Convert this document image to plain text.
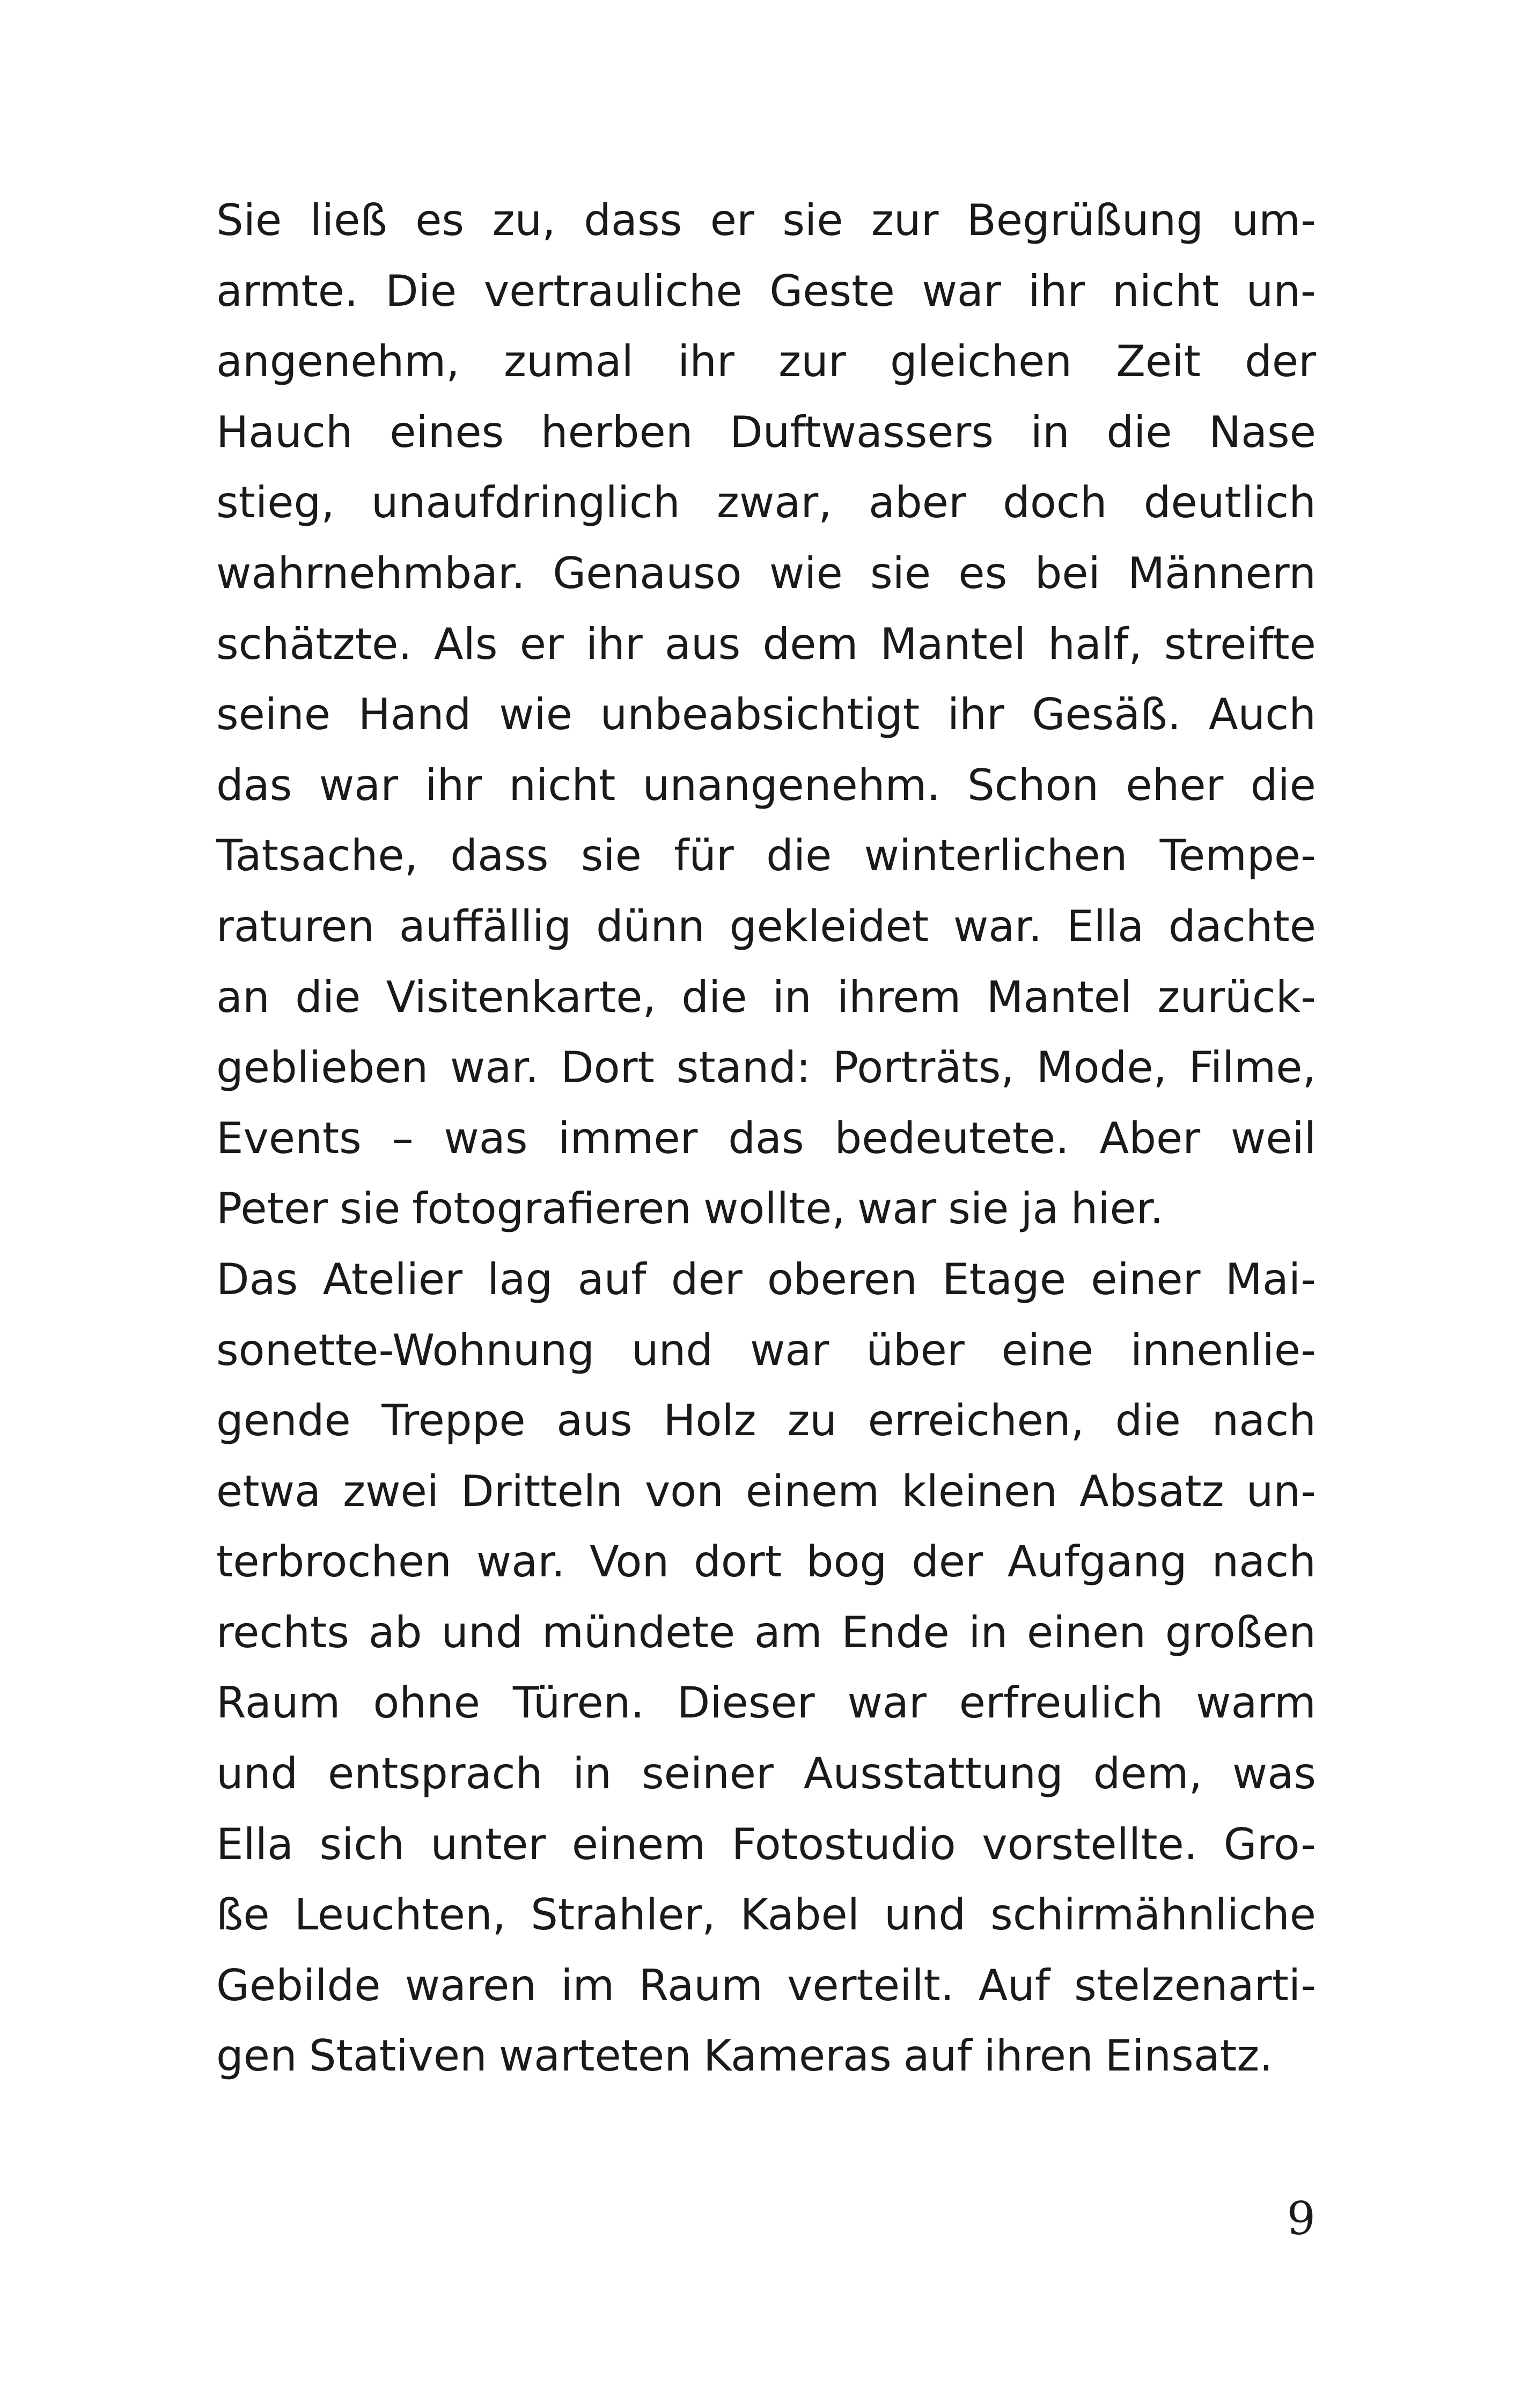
Sie ließ es zu, dass er sie zur Begrüßung um-
armte. Die vertrauliche Geste war ihr nicht un-
angenehm, zumal ihr zur gleichen Zeit der
Hauch eines herben Duftwassers in die Nase
stieg, unaufdringlich zwar, aber doch deutlich
wahrnehmbar. Genauso wie sie es bei Männern
schätzte. Als er ihr aus dem Mantel half, streifte
seine Hand wie unbeabsichtigt ihr Gesäß. Auch
das war ihr nicht unangenehm. Schon eher die
Tatsache, dass sie für die winterlichen Tempe-
raturen auffällig dünn gekleidet war. Ella dachte
an die Visitenkarte, die in ihrem Mantel zurück-
geblieben war. Dort stand: Porträts, Mode, Filme,
Events – was immer das bedeutete. Aber weil
Peter sie fotografieren wollte, war sie ja hier.
Das Atelier lag auf der oberen Etage einer Mai-
sonette-Wohnung und war über eine innenlie-
gende Treppe aus Holz zu erreichen, die nach
etwa zwei Dritteln von einem kleinen Absatz un-
terbrochen war. Von dort bog der Aufgang nach
rechts ab und mündete am Ende in einen großen
Raum ohne Türen. Dieser war erfreulich warm
und entsprach in seiner Ausstattung dem, was
Ella sich unter einem Fotostudio vorstellte. Gro-
ße Leuchten, Strahler, Kabel und schirmähnliche
Gebilde waren im Raum verteilt. Auf stelzenarti-
gen Stativen warteten Kameras auf ihren Einsatz.
9
